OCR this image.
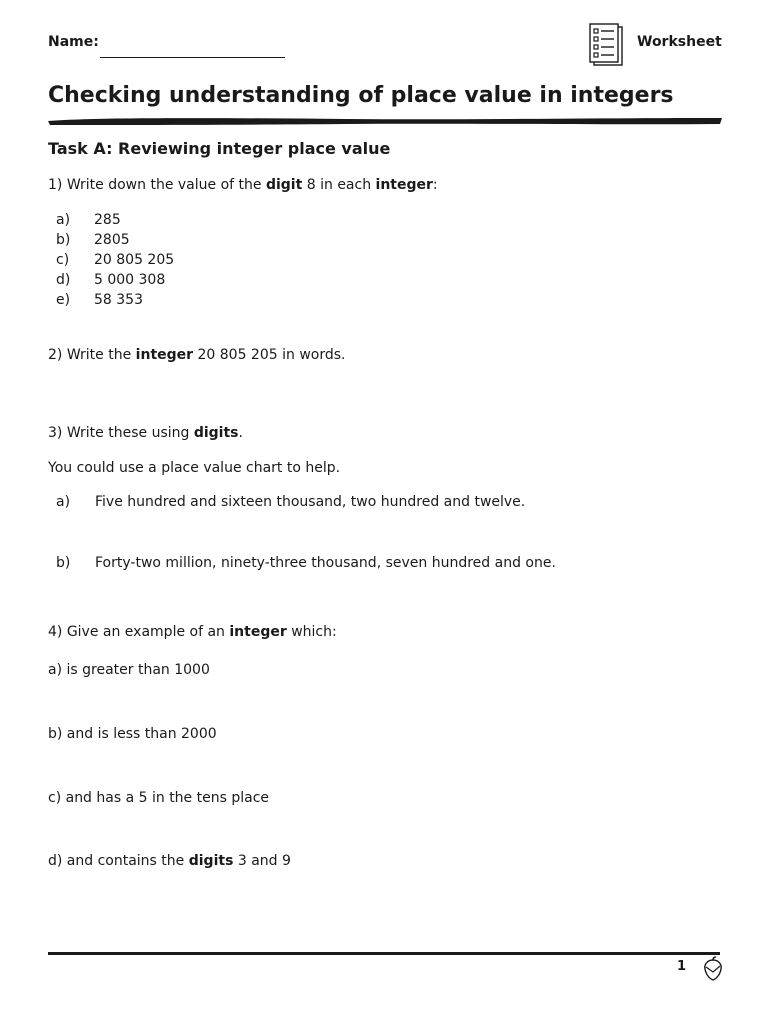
Name:	Worksheet
Checking understanding of place value in integers
Task A: Reviewing integer place value
1) Write down the value of the digit 8 in each integer:
a) 285
b) 2805
c) 20 805 205
d) 5 000 308
e) 58 353
2) Write the integer 20 805 205 in words.
3) Write these using digits.
You could use a place value chart to help.
a) Five hundred and sixteen thousand, two hundred and twelve.
b) Forty-two million, ninety-three thousand, seven hundred and one.
4) Give an example of an integer which:
a) is greater than 1000
b) and is less than 2000
c) and has a 5 in the tens place
d) and contains the digits 3 and 9
1
